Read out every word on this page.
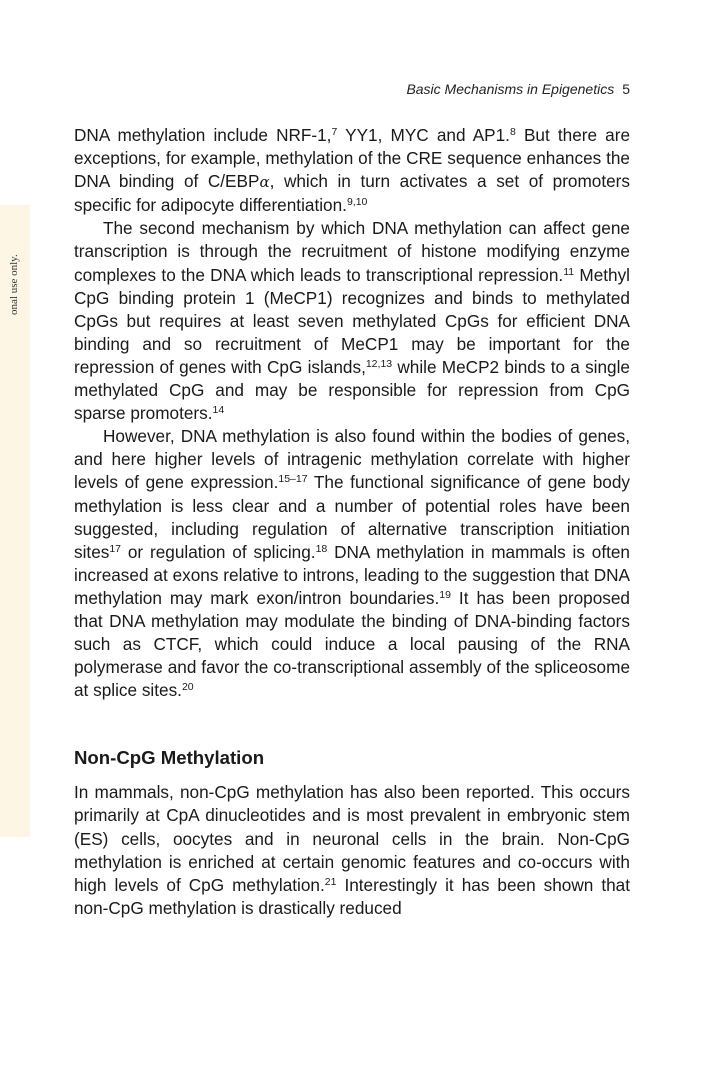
onal use only.
Basic Mechanisms in Epigenetics 5

DNA methylation include NRF-1,$^7$ YY1, MYC and AP1.$^8$ But there are exceptions, for example, methylation of the CRE sequence enhances the DNA binding of C/EBPα, which in turn activates a set of promoters specific for adipocyte differentiation.$^{9,10}$

The second mechanism by which DNA methylation can affect gene transcription is through the recruitment of histone modifying enzyme complexes to the DNA which leads to transcriptional repression.$^{11}$ Methyl CpG binding protein 1 (MeCP1) recognizes and binds to methylated CpGs but requires at least seven methylated CpGs for efficient DNA binding and so recruitment of MeCP1 may be important for the repression of genes with CpG islands,$^{12,13}$ while MeCP2 binds to a single methylated CpG and may be responsible for repression from CpG sparse promoters.$^{14}$

However, DNA methylation is also found within the bodies of genes, and here higher levels of intragenic methylation correlate with higher levels of gene expression.$^{15-17}$ The functional significance of gene body methylation is less clear and a number of potential roles have been suggested, including regulation of alternative transcription initiation sites$^{17}$ or regulation of splicing.$^{18}$ DNA methylation in mammals is often increased at exons relative to introns, leading to the suggestion that DNA methylation may mark exon/intron boundaries.$^{19}$ It has been proposed that DNA methylation may modulate the binding of DNA-binding factors such as CTCF, which could induce a local pausing of the RNA polymerase and favor the co-transcriptional assembly of the spliceosome at splice sites.$^{20}$

Non-CpG Methylation

In mammals, non-CpG methylation has also been reported. This occurs primarily at CpA dinucleotides and is most prevalent in embryonic stem (ES) cells, oocytes and in neuronal cells in the brain. Non-CpG methylation is enriched at certain genomic features and co-occurs with high levels of CpG methylation.$^{21}$ Interestingly it has been shown that non-CpG methylation is drastically reduced
